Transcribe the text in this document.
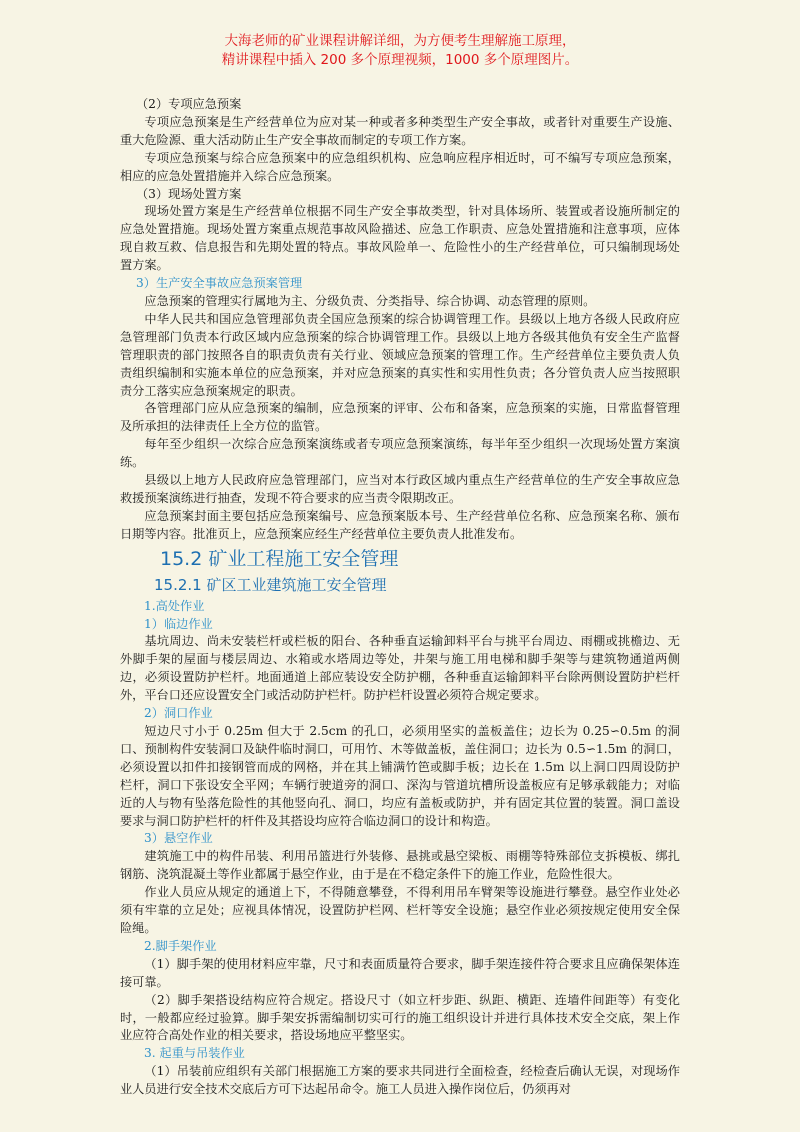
大海老师的矿业课程讲解详细，为方便考生理解施工原理，
精讲课程中插入 200 多个原理视频，1000 多个原理图片。

（2）专项应急预案

专项应急预案是生产经营单位为应对某一种或者多种类型生产安全事故，或者针对重要生产设施、重大危险源、重大活动防止生产安全事故而制定的专项工作方案。

专项应急预案与综合应急预案中的应急组织机构、应急响应程序相近时，可不编写专项应急预案，相应的应急处置措施并入综合应急预案。

（3）现场处置方案

现场处置方案是生产经营单位根据不同生产安全事故类型，针对具体场所、装置或者设施所制定的应急处置措施。现场处置方案重点规范事故风险描述、应急工作职责、应急处置措施和注意事项，应体现自救互救、信息报告和先期处置的特点。事故风险单一、危险性小的生产经营单位，可只编制现场处置方案。

3）生产安全事故应急预案管理

应急预案的管理实行属地为主、分级负责、分类指导、综合协调、动态管理的原则。

中华人民共和国应急管理部负责全国应急预案的综合协调管理工作。县级以上地方各级人民政府应急管理部门负责本行政区域内应急预案的综合协调管理工作。县级以上地方各级其他负有安全生产监督管理职责的部门按照各自的职责负责有关行业、领域应急预案的管理工作。生产经营单位主要负责人负责组织编制和实施本单位的应急预案，并对应急预案的真实性和实用性负责；各分管负责人应当按照职责分工落实应急预案规定的职责。

各管理部门应从应急预案的编制，应急预案的评审、公布和备案，应急预案的实施，日常监督管理及所承担的法律责任上全方位的监管。

每年至少组织一次综合应急预案演练或者专项应急预案演练，每半年至少组织一次现场处置方案演练。

县级以上地方人民政府应急管理部门，应当对本行政区域内重点生产经营单位的生产安全事故应急救援预案演练进行抽查，发现不符合要求的应当责令限期改正。

应急预案封面主要包括应急预案编号、应急预案版本号、生产经营单位名称、应急预案名称、颁布日期等内容。批准页上，应急预案应经生产经营单位主要负责人批准发布。

15.2 矿业工程施工安全管理

15.2.1 矿区工业建筑施工安全管理

1.高处作业

1）临边作业

基坑周边、尚未安装栏杆或栏板的阳台、各种垂直运输卸料平台与挑平台周边、雨棚或挑檐边、无外脚手架的屋面与楼层周边、水箱或水塔周边等处，井架与施工用电梯和脚手架等与建筑物通道两侧边，必须设置防护栏杆。地面通道上部应装设安全防护棚，各种垂直运输卸料平台除两侧设置防护栏杆外，平台口还应设置安全门或活动防护栏杆。防护栏杆设置必须符合规定要求。

2）洞口作业

短边尺寸小于 0.25m 但大于 2.5cm 的孔口，必须用坚实的盖板盖住；边长为 0.25∽0.5m 的洞口、预制构件安装洞口及缺件临时洞口，可用竹、木等做盖板，盖住洞口；边长为 0.5∽1.5m 的洞口，必须设置以扣件扣接钢管而成的网格，并在其上铺满竹笆或脚手板；边长在 1.5m 以上洞口四周设防护栏杆，洞口下张设安全平网；车辆行驶道旁的洞口、深沟与管道坑槽所设盖板应有足够承载能力；对临近的人与物有坠落危险性的其他竖向孔、洞口，均应有盖板或防护，并有固定其位置的装置。洞口盖设要求与洞口防护栏杆的杆件及其搭设均应符合临边洞口的设计和构造。

3）悬空作业

建筑施工中的构件吊装、利用吊篮进行外装修、悬挑或悬空梁板、雨棚等特殊部位支拆模板、绑扎钢筋、浇筑混凝土等作业都属于悬空作业，由于是在不稳定条件下的施工作业，危险性很大。

作业人员应从规定的通道上下，不得随意攀登，不得利用吊车臂架等设施进行攀登。悬空作业处必须有牢靠的立足处；应视具体情况，设置防护栏网、栏杆等安全设施；悬空作业必须按规定使用安全保险绳。

2.脚手架作业

（1）脚手架的使用材料应牢靠，尺寸和表面质量符合要求，脚手架连接件符合要求且应确保架体连接可靠。

（2）脚手架搭设结构应符合规定。搭设尺寸（如立杆步距、纵距、横距、连墙件间距等）有变化时，一般都应经过验算。脚手架安拆需编制切实可行的施工组织设计并进行具体技术安全交底，架上作业应符合高处作业的相关要求，搭设场地应平整坚实。

3. 起重与吊装作业

（1）吊装前应组织有关部门根据施工方案的要求共同进行全面检查，经检查后确认无误，对现场作业人员进行安全技术交底后方可下达起吊命令。施工人员进入操作岗位后，仍须再对
